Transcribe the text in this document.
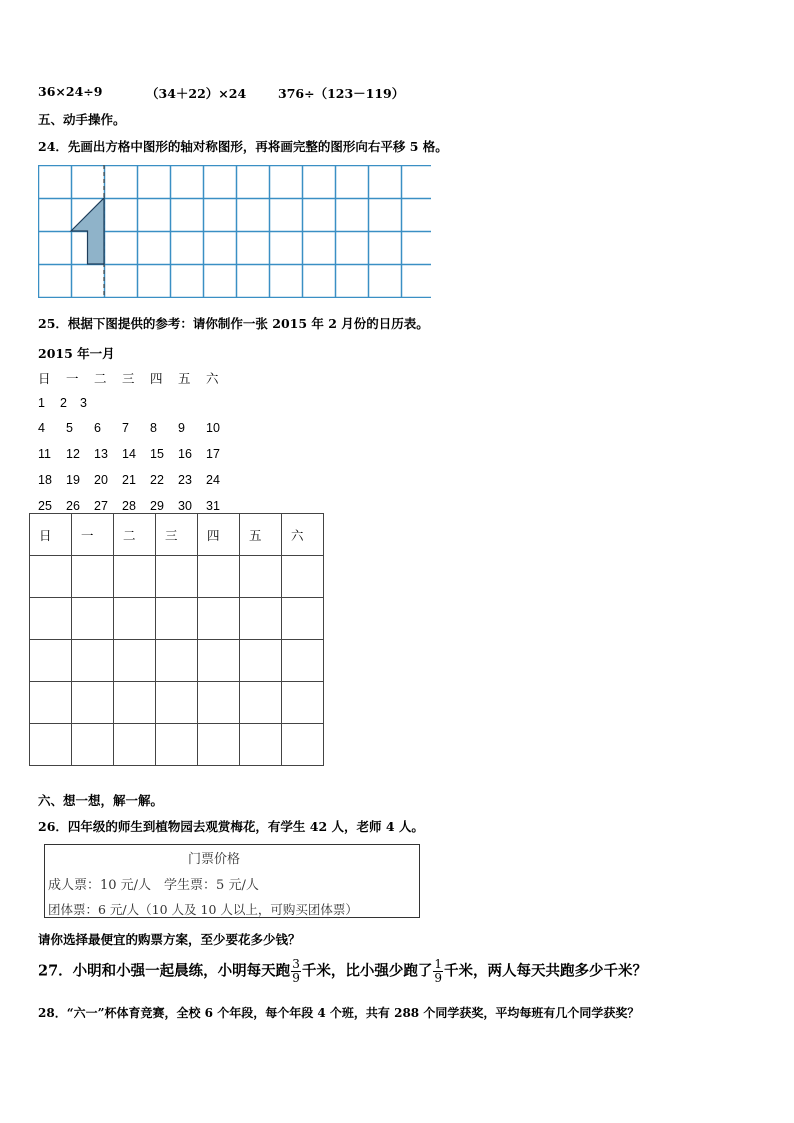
36×24÷9	（34＋22）×24	376÷（123－119）
五、动手操作。
24．先画出方格中图形的轴对称图形，再将画完整的图形向右平移 5 格。
25．根据下图提供的参考：请你制作一张 2015 年 2 月份的日历表。
2015 年一月
日	一	二	三	四	五	六
1	2	3
4	5	6	7	8	9	10
11	12	13	14	15	16	17
18	19	20	21	22	23	24
25	26	27	28	29	30	31
日	一	二	三	四	五	六

六、想一想，解一解。
26．四年级的师生到植物园去观赏梅花，有学生 42 人，老师 4 人。
门票价格
成人票：10 元/人　学生票：5 元/人
团体票：6 元/人（10 人及 10 人以上，可购买团体票）
请你选择最便宜的购票方案，至少要花多少钱？
27．小明和小强一起晨练，小明每天跑 $\frac{3}{9}$ 千米，比小强少跑了 $\frac{1}{9}$ 千米，两人每天共跑多少千米？
28．“六一”杯体育竞赛，全校 6 个年段，每个年段 4 个班，共有 288 个同学获奖，平均每班有几个同学获奖？
